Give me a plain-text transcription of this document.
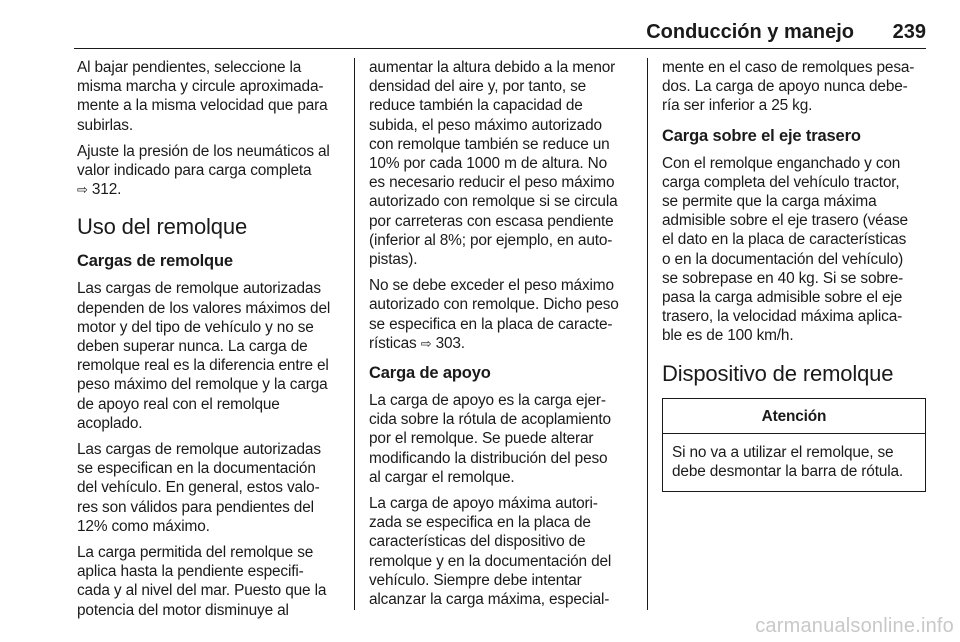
Conducción y manejo 239

Al bajar pendientes, seleccione la
misma marcha y circule aproximada-
mente a la misma velocidad que para
subirlas.

Ajuste la presión de los neumáticos al
valor indicado para carga completa
⇨ 312.

Uso del remolque
Cargas de remolque

Las cargas de remolque autorizadas
dependen de los valores máximos del
motor y del tipo de vehículo y no se
deben superar nunca. La carga de
remolque real es la diferencia entre el
peso máximo del remolque y la carga
de apoyo real con el remolque
acoplado.

Las cargas de remolque autorizadas
se especifican en la documentación
del vehículo. En general, estos valo-
res son válidos para pendientes del
12% como máximo.

La carga permitida del remolque se
aplica hasta la pendiente especifi-
cada y al nivel del mar. Puesto que la
potencia del motor disminuye al

aumentar la altura debido a la menor
densidad del aire y, por tanto, se
reduce también la capacidad de
subida, el peso máximo autorizado
con remolque también se reduce un
10% por cada 1000 m de altura. No
es necesario reducir el peso máximo
autorizado con remolque si se circula
por carreteras con escasa pendiente
(inferior al 8%; por ejemplo, en auto-
pistas).

No se debe exceder el peso máximo
autorizado con remolque. Dicho peso
se especifica en la placa de caracte-
rísticas ⇨ 303.

Carga de apoyo

La carga de apoyo es la carga ejer-
cida sobre la rótula de acoplamiento
por el remolque. Se puede alterar
modificando la distribución del peso
al cargar el remolque.

La carga de apoyo máxima autori-
zada se especifica en la placa de
características del dispositivo de
remolque y en la documentación del
vehículo. Siempre debe intentar
alcanzar la carga máxima, especial-

mente en el caso de remolques pesa-
dos. La carga de apoyo nunca debe-
ría ser inferior a 25 kg.

Carga sobre el eje trasero

Con el remolque enganchado y con
carga completa del vehículo tractor,
se permite que la carga máxima
admisible sobre el eje trasero (véase
el dato en la placa de características
o en la documentación del vehículo)
se sobrepase en 40 kg. Si se sobre-
pasa la carga admisible sobre el eje
trasero, la velocidad máxima aplica-
ble es de 100 km/h.

Dispositivo de remolque
Atención
Si no va a utilizar el remolque, se
debe desmontar la barra de rótula.
carmanualsonline.info
